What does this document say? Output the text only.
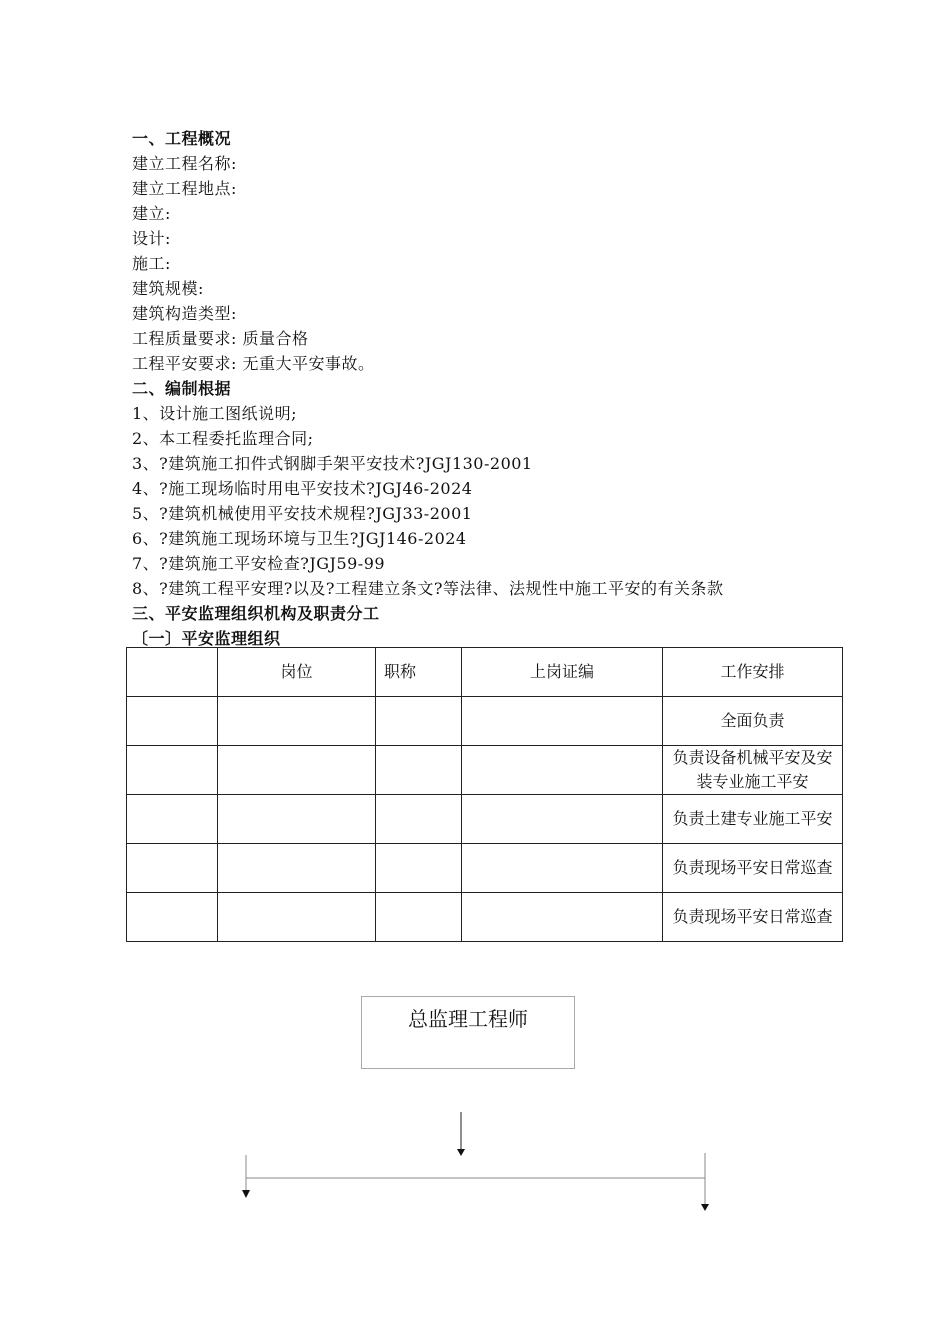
一、工程概况
建立工程名称:
建立工程地点:
建立:
设计:
施工:
建筑规模:
建筑构造类型:
工程质量要求: 质量合格
工程平安要求: 无重大平安事故。
二、编制根据
1、设计施工图纸说明;
2、本工程委托监理合同;
3、?建筑施工扣件式钢脚手架平安技术?JGJ130-2001
4、?施工现场临时用电平安技术?JGJ46-2024
5、?建筑机械使用平安技术规程?JGJ33-2001
6、?建筑施工现场环境与卫生?JGJ146-2024
7、?建筑施工平安检查?JGJ59-99
8、?建筑工程平安理?以及?工程建立条文?等法律、法规性中施工平安的有关条款
三、平安监理组织机构及职责分工
〔一〕平安监理组织
	岗位	职称	上岗证编	工作安排
				全面负责
				负责设备机械平安及安装专业施工平安
				负责土建专业施工平安
				负责现场平安日常巡查
				负责现场平安日常巡查
总监理工程师
